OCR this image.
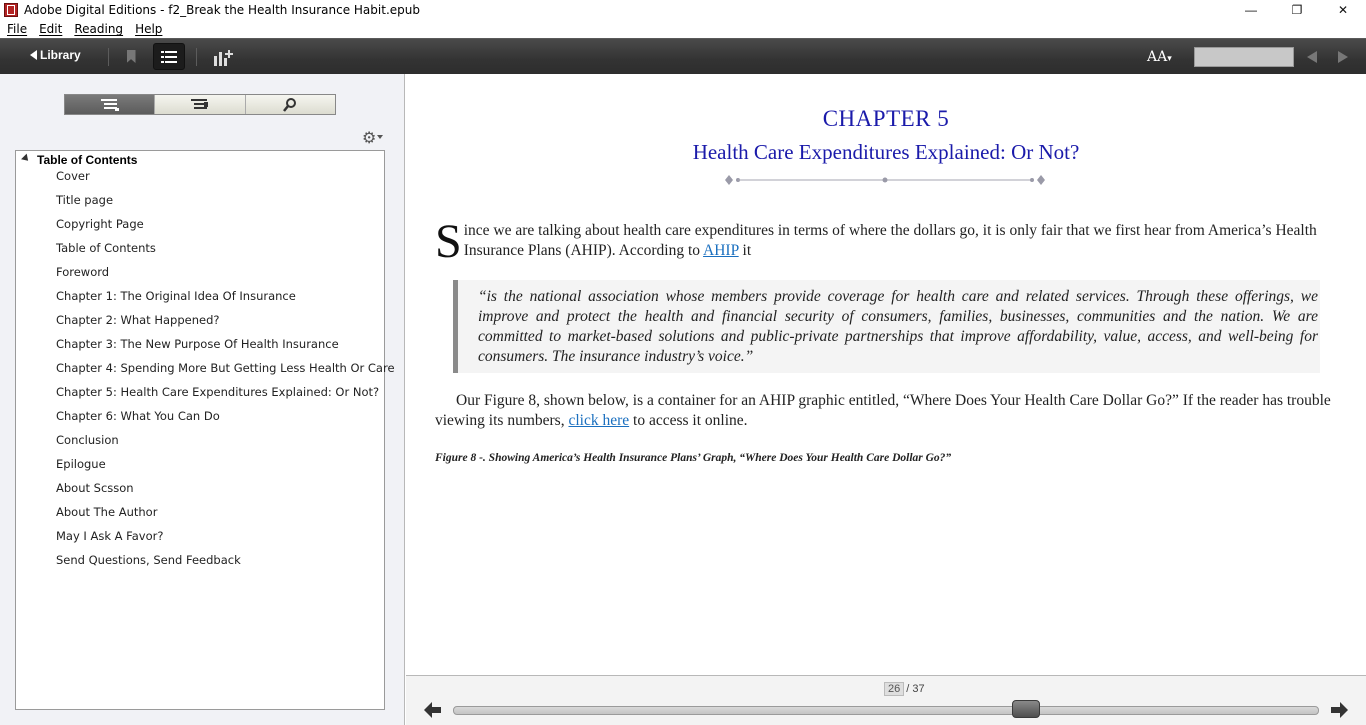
Adobe Digital Editions - f2_Break the Health Insurance Habit.epub	—	❐	✕
File	Edit	Reading	Help
Library	AA▾
⚙
Table of Contents
Cover
Title page
Copyright Page
Table of Contents
Foreword
Chapter 1: The Original Idea Of Insurance
Chapter 2: What Happened?
Chapter 3: The New Purpose Of Health Insurance
Chapter 4: Spending More But Getting Less Health Or Care
Chapter 5: Health Care Expenditures Explained: Or Not?
Chapter 6: What You Can Do
Conclusion
Epilogue
About Scsson
About The Author
May I Ask A Favor?
Send Questions, Send Feedback
CHAPTER 5
Health Care Expenditures Explained: Or Not?
Since we are talking about health care expenditures in terms of where the dollars go, it is only fair that we first hear from America’s Health Insurance Plans (AHIP). According to AHIP it
“is the national association whose members provide coverage for health care and related services. Through these offerings, we improve and protect the health and financial security of consumers, families, businesses, communities and the nation. We are committed to market-based solutions and public-private partnerships that improve affordability, value, access, and well-being for consumers. The insurance industry’s voice.”
Our Figure 8, shown below, is a container for an AHIP graphic entitled, “Where Does Your Health Care Dollar Go?” If the reader has trouble viewing its numbers, click here to access it online.
Figure 8 -. Showing America’s Health Insurance Plans’ Graph, “Where Does Your Health Care Dollar Go?”
26 / 37
